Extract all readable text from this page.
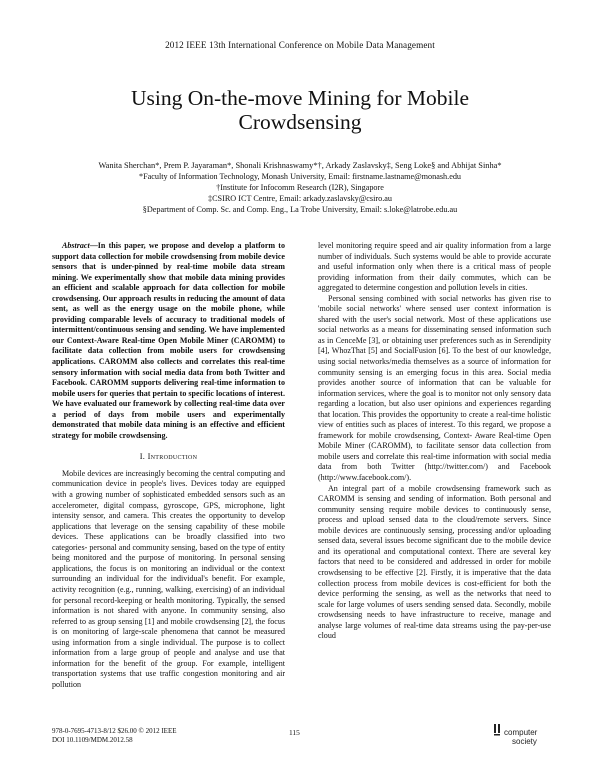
2012 IEEE 13th International Conference on Mobile Data Management
Using On-the-move Mining for Mobile
Crowdsensing
Wanita Sherchan*, Prem P. Jayaraman*, Shonali Krishnaswamy*†, Arkady Zaslavsky‡, Seng Loke§ and Abhijat Sinha*
*Faculty of Information Technology, Monash University, Email: firstname.lastname@monash.edu
†Institute for Infocomm Research (I2R), Singapore
‡CSIRO ICT Centre, Email: arkady.zaslavsky@csiro.au
§Department of Comp. Sc. and Comp. Eng., La Trobe University, Email: s.loke@latrobe.edu.au

Abstract—In this paper, we propose and develop a platform to support data collection for mobile crowdsensing from mobile device sensors that is under-pinned by real-time mobile data stream mining. We experimentally show that mobile data mining provides an efficient and scalable approach for data collection for mobile crowdsensing. Our approach results in reducing the amount of data sent, as well as the energy usage on the mobile phone, while providing comparable levels of accuracy to traditional models of intermittent/continuous sensing and sending. We have implemented our Context-Aware Real-time Open Mobile Miner (CAROMM) to facilitate data collection from mobile users for crowdsensing applications. CAROMM also collects and correlates this real-time sensory information with social media data from both Twitter and Facebook. CAROMM supports delivering real-time information to mobile users for queries that pertain to specific locations of interest. We have evaluated our framework by collecting real-time data over a period of days from mobile users and experimentally demonstrated that mobile data mining is an effective and efficient strategy for mobile crowdsensing.

I. Introduction

Mobile devices are increasingly becoming the central computing and communication device in people's lives. Devices today are equipped with a growing number of sophisticated embedded sensors such as an accelerometer, digital compass, gyroscope, GPS, microphone, light intensity sensor, and camera. This creates the opportunity to develop applications that leverage on the sensing capability of these mobile devices. These applications can be broadly classified into two categories- personal and community sensing, based on the type of entity being monitored and the purpose of monitoring. In personal sensing applications, the focus is on monitoring an individual or the context surrounding an individual for the individual's benefit. For example, activity recognition (e.g., running, walking, exercising) of an individual for personal record-keeping or health monitoring. Typically, the sensed information is not shared with anyone. In community sensing, also referred to as group sensing [1] and mobile crowdsensing [2], the focus is on monitoring of large-scale phenomena that cannot be measured using information from a single individual. The purpose is to collect information from a large group of people and analyse and use that information for the benefit of the group. For example, intelligent transportation systems that use traffic congestion monitoring and air pollution

level monitoring require speed and air quality information from a large number of individuals. Such systems would be able to provide accurate and useful information only when there is a critical mass of people providing information from their daily commutes, which can be aggregated to determine congestion and pollution levels in cities.

Personal sensing combined with social networks has given rise to 'mobile social networks' where sensed user context information is shared with the user's social network. Most of these applications use social networks as a means for disseminating sensed information such as in CenceMe [3], or obtaining user preferences such as in Serendipity [4], WhozThat [5] and SocialFusion [6]. To the best of our knowledge, using social networks/media themselves as a source of information for community sensing is an emerging focus in this area. Social media provides another source of information that can be valuable for information services, where the goal is to monitor not only sensory data regarding a location, but also user opinions and experiences regarding that location. This provides the opportunity to create a real-time holistic view of entities such as places of interest. To this regard, we propose a framework for mobile crowdsensing, Context- Aware Real-time Open Mobile Miner (CAROMM), to facilitate sensor data collection from mobile users and correlate this real-time information with social media data from both Twitter (http://twitter.com/) and Facebook (http://www.facebook.com/).

An integral part of a mobile crowdsensing framework such as CAROMM is sensing and sending of information. Both personal and community sensing require mobile devices to continuously sense, process and upload sensed data to the cloud/remote servers. Since mobile devices are continuously sensing, processing and/or uploading sensed data, several issues become significant due to the mobile device and its operational and computational context. There are several key factors that need to be considered and addressed in order for mobile crowdsensing to be effective [2]. Firstly, it is imperative that the data collection process from mobile devices is cost-efficient for both the device performing the sensing, as well as the networks that need to scale for large volumes of users sending sensed data. Secondly, mobile crowdsensing needs to have infrastructure to receive, manage and analyse large volumes of real-time data streams using the pay-per-use cloud

978-0-7695-4713-8/12 $26.00 © 2012 IEEE
DOI 10.1109/MDM.2012.58
115	computer
society
